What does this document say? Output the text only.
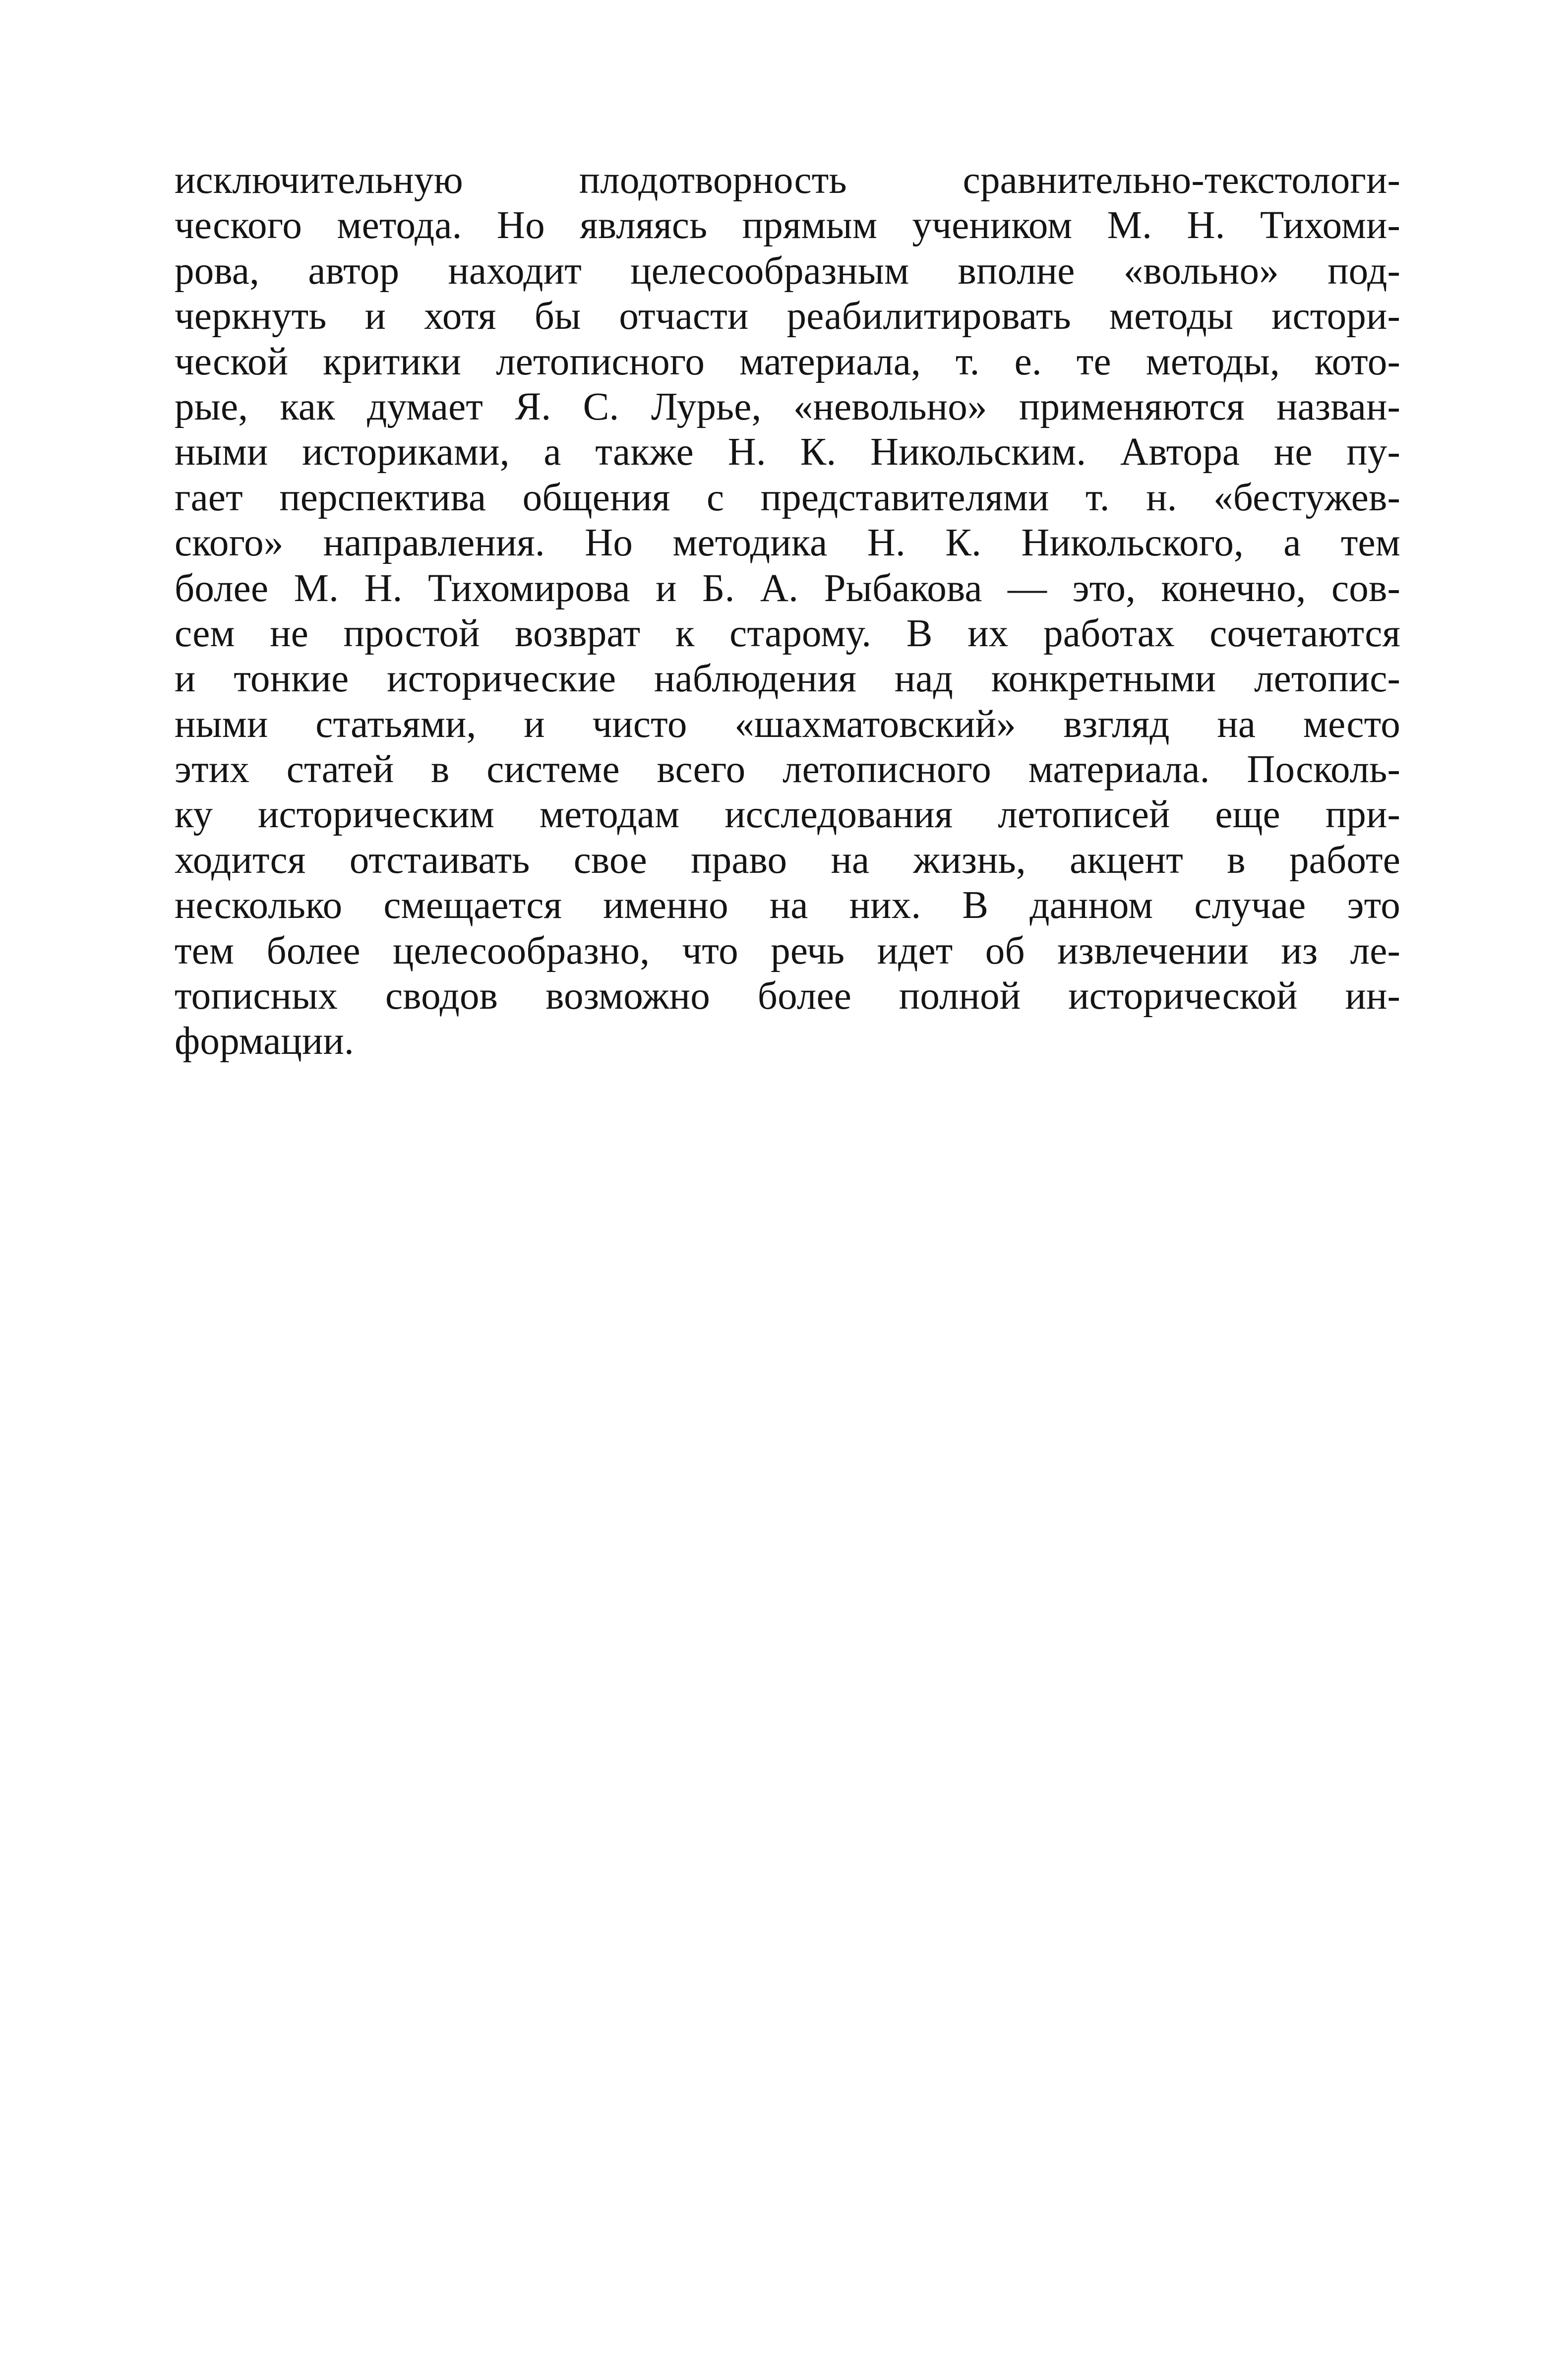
исключительную плодотворность сравнительно-текстологи-
ческого метода. Но являясь прямым учеником М. Н. Тихоми-
рова, автор находит целесообразным вполне «вольно» под-
черкнуть и хотя бы отчасти реабилитировать методы истори-
ческой критики летописного материала, т. е. те методы, кото-
рые, как думает Я. С. Лурье, «невольно» применяются назван-
ными историками, а также Н. К. Никольским. Автора не пу-
гает перспектива общения с представителями т. н. «бестужев-
ского» направления. Но методика Н. К. Никольского, а тем
более М. Н. Тихомирова и Б. А. Рыбакова — это, конечно, сов-
сем не простой возврат к старому. В их работах сочетаются
и тонкие исторические наблюдения над конкретными летопис-
ными статьями, и чисто «шахматовский» взгляд на место
этих статей в системе всего летописного материала. Посколь-
ку историческим методам исследования летописей еще при-
ходится отстаивать свое право на жизнь, акцент в работе
несколько смещается именно на них. В данном случае это
тем более целесообразно, что речь идет об извлечении из ле-
тописных сводов возможно более полной исторической ин-
формации.
